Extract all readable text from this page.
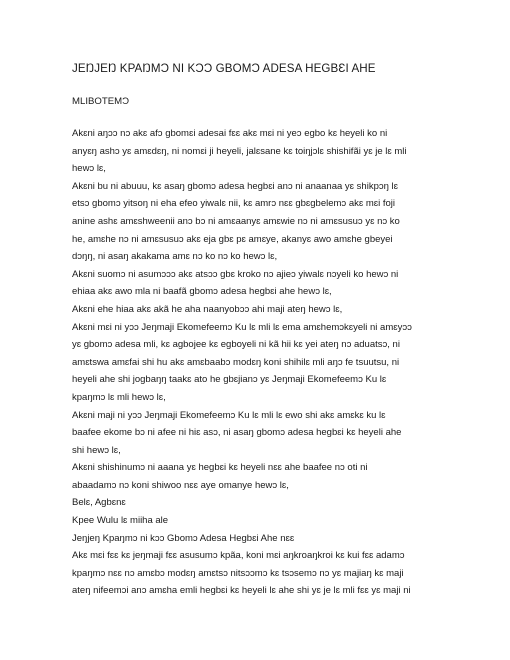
JEŊJEŊ KPAŊMƆ NI KƆƆ GBOMƆ ADESA HEGBƐI AHE
MLIBOTEMƆ
Akɛni aŋɔɔ nɔ akɛ afɔ gbomɛi adesai fɛɛ akɛ mɛi ni yeɔ egbo kɛ heyeli ko ni
anyɛŋ ashɔ yɛ amɛdɛŋ, ni nomɛi ji heyeli, jalɛsane kɛ toiŋjɔlɛ shishifãi yɛ je lɛ mli
hewɔ lɛ,
Akɛni bu ni abuuu, kɛ asaŋ gbomɔ adesa hegbɛi anɔ ni anaanaa yɛ shikpɔŋ lɛ
etsɔ gbomɔ yitsoŋ ni eha efeo yiwalɛ nii, kɛ amrɔ nɛɛ gbɛgbelemɔ akɛ mɛi foji
anine ashɛ amɛshweenii anɔ bɔ ni amɛaanyɛ amɛwie nɔ ni amɛsusuɔ yɛ nɔ ko
he, amɛhe nɔ ni amɛsusuɔ akɛ eja gbɛ pɛ amɛye, akanyɛ awo amɛhe gbeyei
dɔŋŋ, ni asaŋ akakama amɛ nɔ ko nɔ ko hewɔ lɛ,
Akɛni suomɔ ni asumɔɔɔ akɛ atsɔɔ gbɛ kroko nɔ ajieɔ yiwalɛ nɔyeli ko hewɔ ni
ehiaa akɛ awo mla ni baafã gbomɔ adesa hegbɛi ahe hewɔ lɛ,
Akɛni ehe hiaa akɛ akã he aha naanyobɔɔ ahi maji ateŋ hewɔ lɛ,
Akɛni mɛi ni yɔɔ Jeŋmaji Ekomefeemɔ Ku lɛ mli lɛ ema amɛhemɔkɛyeli ni amɛyɔɔ
yɛ gbomɔ adesa mli, kɛ agbojee kɛ egboyeli ni kã hii kɛ yei ateŋ nɔ aduatsɔ, ni
amɛtswa amɛfai shi hu akɛ amɛbaabɔ modɛŋ koni shihilɛ mli aŋɔ fe tsuutsu, ni
heyeli ahe shi jogbaŋŋ taakɛ ato he gbɛjianɔ yɛ Jeŋmaji Ekomefeemɔ Ku lɛ
kpaŋmɔ lɛ mli hewɔ lɛ,
Akɛni maji ni yɔɔ Jeŋmaji Ekomefeemɔ Ku lɛ mli lɛ ewo shi akɛ amɛkɛ ku lɛ
baafee ekome bɔ ni afee ni hiɛ asɔ, ni asaŋ gbomɔ adesa hegbɛi kɛ heyeli ahe
shi hewɔ lɛ,
Akɛni shishinumɔ ni aaana yɛ hegbɛi kɛ heyeli nɛɛ ahe baafee nɔ oti ni
abaadamɔ nɔ koni shiwoo nɛɛ aye omanye hewɔ lɛ,
Belɛ, Agbɛnɛ
Kpee Wulu lɛ miiha ale
Jeŋjeŋ Kpaŋmɔ ni kɔɔ Gbomɔ Adesa Hegbɛi Ahe nɛɛ
Akɛ mɛi fɛɛ kɛ jeŋmaji fɛɛ asusumɔ kpãa, koni mɛi aŋkroaŋkroi kɛ kui fɛɛ adamɔ
kpaŋmɔ nɛɛ nɔ amɛbɔ modɛŋ amɛtsɔ nitsɔɔmɔ kɛ tsɔsemɔ nɔ yɛ majiaŋ kɛ maji
ateŋ nifeemɔi anɔ amɛha emli hegbɛi kɛ heyeli lɛ ahe shi yɛ je lɛ mli fɛɛ yɛ maji ni
